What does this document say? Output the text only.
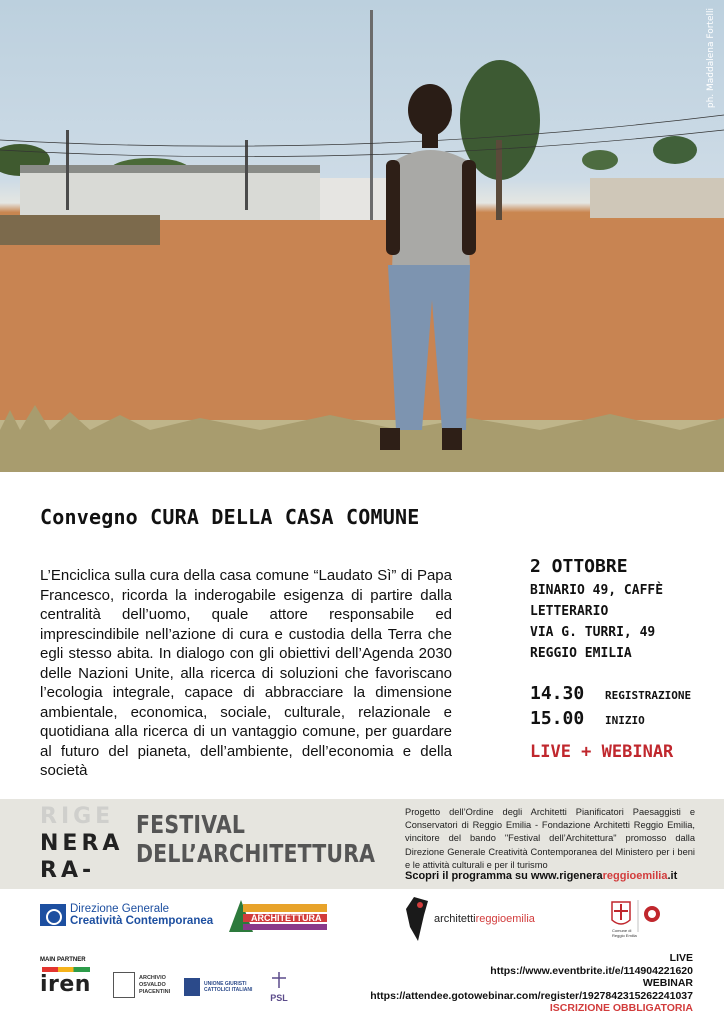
ph. Maddalena Fortelli
Convegno CURA DELLA CASA COMUNE
L’Enciclica sulla cura della casa comune “Laudato Sì” di Papa Francesco, ricorda la inderogabile esigenza di partire dalla centralità dell’uomo, quale attore responsabile ed imprescindibile nell’azione di cura e custodia della Terra che egli stesso abita. In dialogo con gli obiettivi dell’Agenda 2030 delle Nazioni Unite, alla ricerca di soluzioni che favoriscano l’ecologia integrale, capace di abbracciare la dimensione ambientale, economica, sociale, culturale, relazionale e quotidiana alla ricerca di un vantaggio comune, per guardare al futuro del pianeta, dell’ambiente, dell’economia e della società
2 OTTOBRE
BINARIO 49, CAFFÈ
LETTERARIO
VIA G. TURRI, 49
REGGIO EMILIA
14.30	REGISTRAZIONE
15.00	INIZIO
LIVE + WEBINAR
RIGE
NERA
RA-
FESTIVAL
DELL’ARCHITETTURA
Progetto dell’Ordine degli Architetti Pianificatori Paesaggisti e Conservatori di Reggio Emilia - Fondazione Architetti Reggio Emilia, vincitore del bando "Festival dell’Architettura" promosso dalla Direzione Generale Creatività Contemporanea del Ministero per i beni e le attività culturali e per il turismo
Scopri il programma su www.rigenerareggioemilia.it
Direzione Generale
Creatività Contemporanea	ARCHITETTURA	architettireggioemilia
Comune di Reggio Emilia
MAIN PARTNER
iren	ARCHIVIO
OSVALDO
PIACENTINI
UNIONE GIURISTI
CATTOLICI ITALIANI
PSL
LIVE
https://www.eventbrite.it/e/114904221620
WEBINAR
https://attendee.gotowebinar.com/register/1927842315262241037
ISCRIZIONE OBBLIGATORIA
